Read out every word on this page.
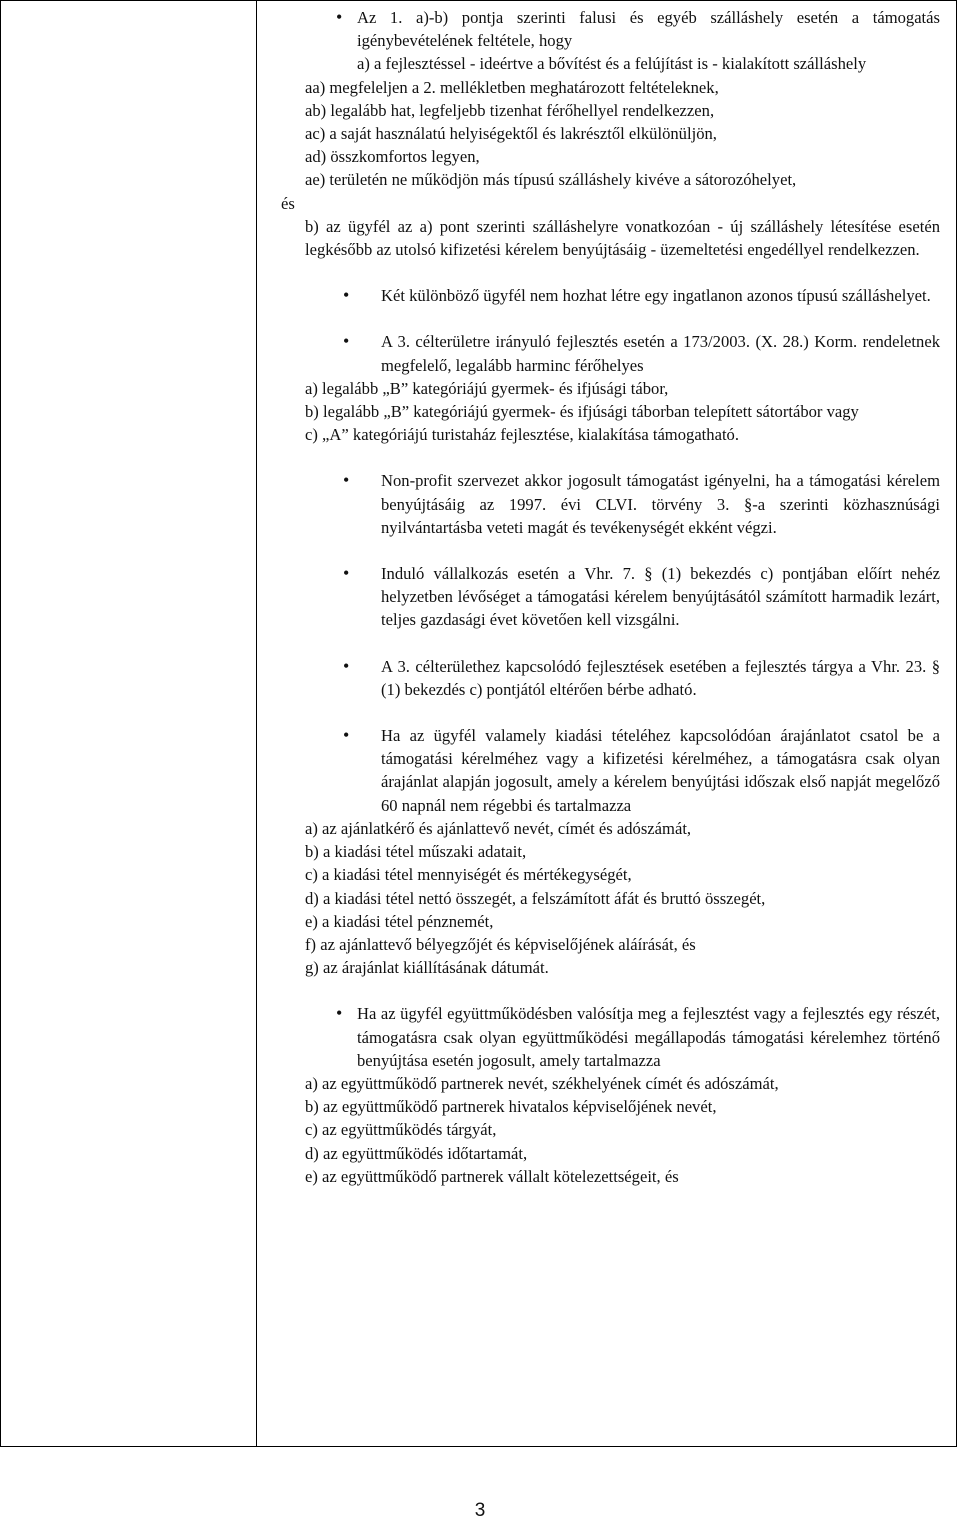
• Az 1. a)-b) pontja szerinti falusi és egyéb szálláshely esetén a támogatás igénybevételének feltétele, hogy

a) a fejlesztéssel - ideértve a bővítést és a felújítást is - kialakított szálláshely

aa) megfeleljen a 2. mellékletben meghatározott feltételeknek,

ab) legalább hat, legfeljebb tizenhat férőhellyel rendelkezzen,

ac) a saját használatú helyiségektől és lakrésztől elkülönüljön,

ad) összkomfortos legyen,

ae) területén ne működjön más típusú szálláshely kivéve a sátorozóhelyet,

és

b) az ügyfél az a) pont szerinti szálláshelyre vonatkozóan - új szálláshely létesítése esetén legkésőbb az utolsó kifizetési kérelem benyújtásáig - üzemeltetési engedéllyel rendelkezzen.

• Két különböző ügyfél nem hozhat létre egy ingatlanon azonos típusú szálláshelyet.

• A 3. célterületre irányuló fejlesztés esetén a 173/2003. (X. 28.) Korm. rendeletnek megfelelő, legalább harminc férőhelyes

a) legalább „B” kategóriájú gyermek- és ifjúsági tábor,

b) legalább „B” kategóriájú gyermek- és ifjúsági táborban telepített sátortábor vagy

c) „A” kategóriájú turistaház fejlesztése, kialakítása támogatható.

• Non-profit szervezet akkor jogosult támogatást igényelni, ha a támogatási kérelem benyújtásáig az 1997. évi CLVI. törvény 3. §-a szerinti közhasznúsági nyilvántartásba veteti magát és tevékenységét ekként végzi.

• Induló vállalkozás esetén a Vhr. 7. § (1) bekezdés c) pontjában előírt nehéz helyzetben lévőséget a támogatási kérelem benyújtásától számított harmadik lezárt, teljes gazdasági évet követően kell vizsgálni.

• A 3. célterülethez kapcsolódó fejlesztések esetében a fejlesztés tárgya a Vhr. 23. § (1) bekezdés c) pontjától eltérően bérbe adható.

• Ha az ügyfél valamely kiadási tételéhez kapcsolódóan árajánlatot csatol be a támogatási kérelméhez vagy a kifizetési kérelméhez, a támogatásra csak olyan árajánlat alapján jogosult, amely a kérelem benyújtási időszak első napját megelőző 60 napnál nem régebbi és tartalmazza

a) az ajánlatkérő és ajánlattevő nevét, címét és adószámát,

b) a kiadási tétel műszaki adatait,

c) a kiadási tétel mennyiségét és mértékegységét,

d) a kiadási tétel nettó összegét, a felszámított áfát és bruttó összegét,

e) a kiadási tétel pénznemét,

f) az ajánlattevő bélyegzőjét és képviselőjének aláírását, és

g) az árajánlat kiállításának dátumát.

• Ha az ügyfél együttműködésben valósítja meg a fejlesztést vagy a fejlesztés egy részét, támogatásra csak olyan együttműködési megállapodás támogatási kérelemhez történő benyújtása esetén jogosult, amely tartalmazza

a) az együttműködő partnerek nevét, székhelyének címét és adószámát,

b) az együttműködő partnerek hivatalos képviselőjének nevét,

c) az együttműködés tárgyát,

d) az együttműködés időtartamát,

e) az együttműködő partnerek vállalt kötelezettségeit, és

3
